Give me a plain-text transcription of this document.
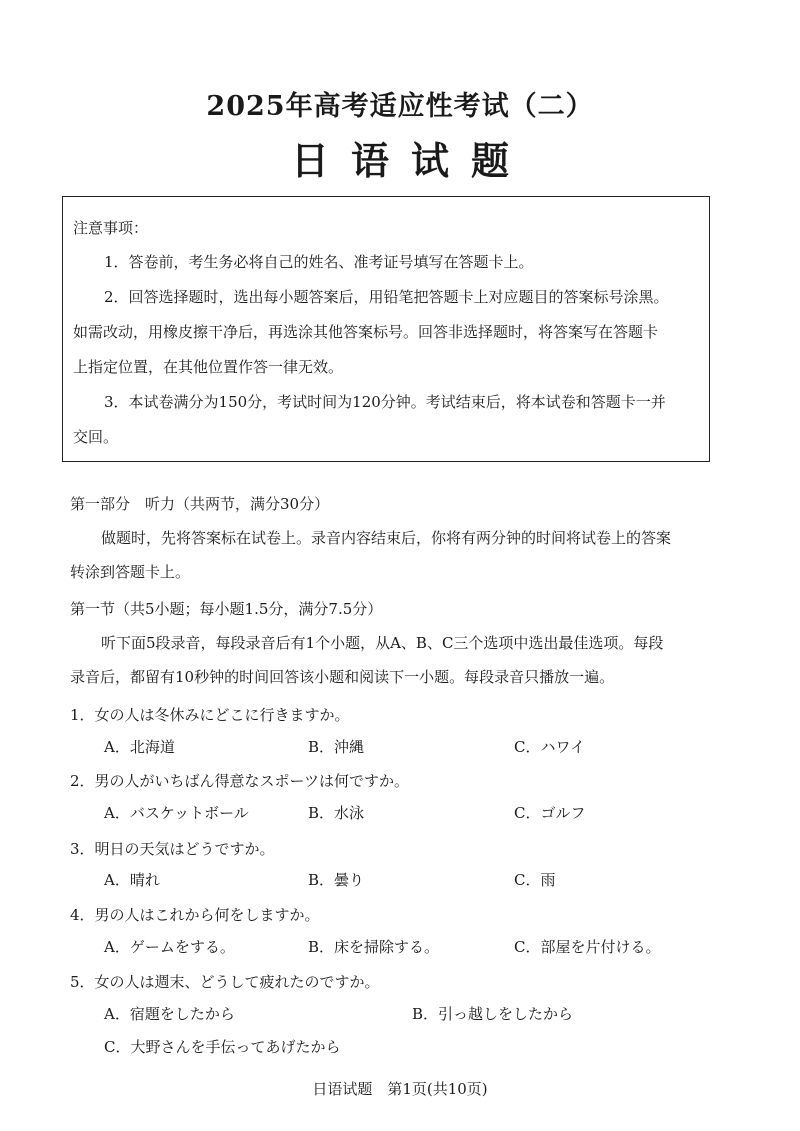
2025年高考适应性考试（二）
日语试题

注意事项：

1．答卷前，考生务必将自己的姓名、准考证号填写在答题卡上。

2．回答选择题时，选出每小题答案后，用铅笔把答题卡上对应题目的答案标号涂黑。

如需改动，用橡皮擦干净后，再选涂其他答案标号。回答非选择题时，将答案写在答题卡

上指定位置，在其他位置作答一律无效。

3．本试卷满分为150分，考试时间为120分钟。考试结束后，将本试卷和答题卡一并

交回。

第一部分　听力（共两节，满分30分）

做题时，先将答案标在试卷上。录音内容结束后，你将有两分钟的时间将试卷上的答案

转涂到答题卡上。

第一节（共5小题；每小题1.5分，满分7.5分）

听下面5段录音，每段录音后有1个小题，从A、B、C三个选项中选出最佳选项。每段

录音后，都留有10秒钟的时间回答该小题和阅读下一小题。每段录音只播放一遍。

1．女の人は冬休みにどこに行きますか。
A．北海道	B．沖縄	C．ハワイ
2．男の人がいちばん得意なスポーツは何ですか。
A．バスケットボール	B．水泳	C．ゴルフ
3．明日の天気はどうですか。
A．晴れ	B．曇り	C．雨
4．男の人はこれから何をしますか。
A．ゲームをする。	B．床を掃除する。	C．部屋を片付ける。
5．女の人は週末、どうして疲れたのですか。
A．宿題をしたから	B．引っ越しをしたから
C．大野さんを手伝ってあげたから
日语试题　第1页(共10页)
